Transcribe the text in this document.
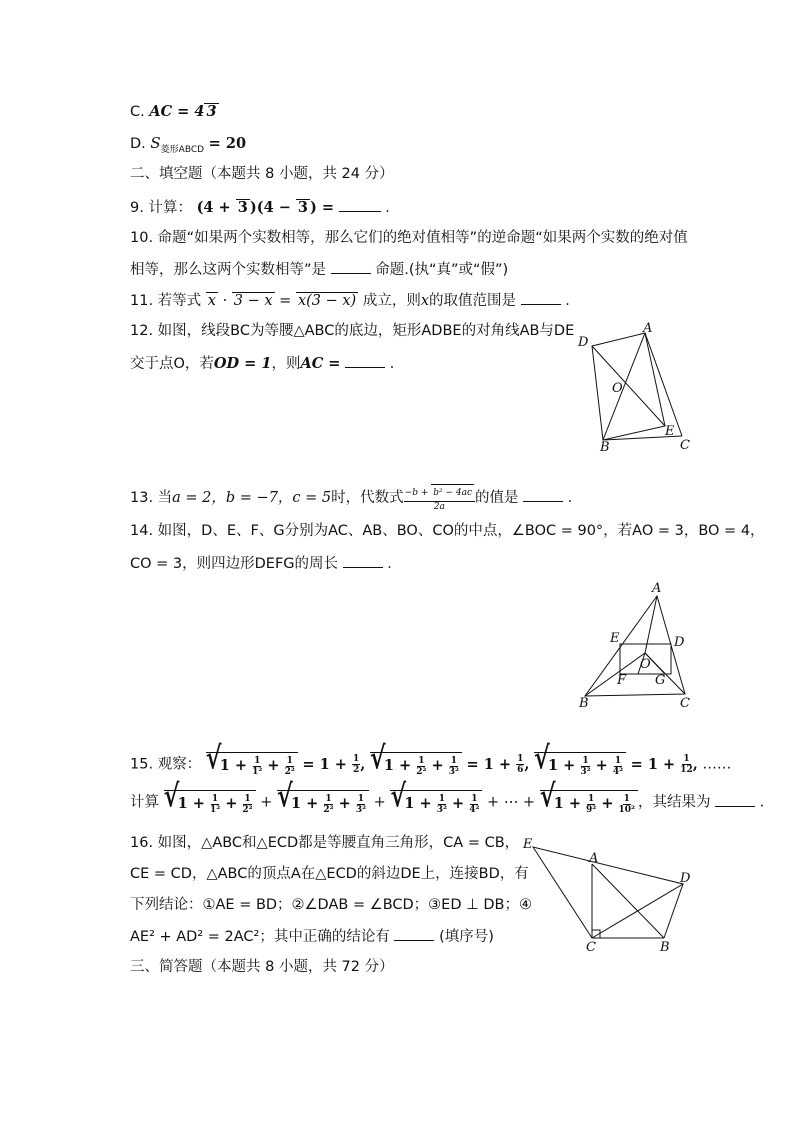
C. AC = 4 3
D. $S_{菱形ABCD} = 20$
二、填空题（本题共 8 小题，共 24 分）
9. 计算： (4 + 3 )(4 − 3 ) =	．
10. 命题“如果两个实数相等，那么它们的绝对值相等”的逆命题“如果两个实数的绝对值
相等，那么这两个实数相等”是	命题.(执“真”或“假”)
11. 若等式 x · 3 − x = x(3 − x) 成立，则x的取值范围是	．
12. 如图，线段BC为等腰△ABC的底边，矩形ADBE的对角线AB与DE
交于点O，若OD = 1，则AC =	．
D
A
O
B
E
C
13. 当a = 2，b = −7，c = 5时，代数式 $\frac{\text{−b + b² − 4ac}}{2a}$ 的值是	．
14. 如图，D、E、F、G分别为AC、AB、BO、CO的中点，∠BOC = 90°，若AO = 3，BO = 4，
CO = 3，则四边形DEFG的周长	．
A
E	D
O
F G
B	C
15. 观察： √ $1 + \frac{1}{\text{1²}} + \frac{1}{\text{2²}} = 1 + \frac{1}{2}$ , √ $1 + \frac{1}{\text{2²}} + \frac{1}{\text{3²}} = 1 + \frac{1}{6}$ , √ $1 + \frac{1}{\text{3²}} + \frac{1}{\text{4²}} = 1 + \frac{1}{12}$ , ……
计算 √ $1 + \frac{1}{\text{1²}} + \frac{1}{\text{2²}}$ + √ $1 + \frac{1}{\text{2²}} + \frac{1}{\text{3²}}$ + √ $1 + \frac{1}{\text{3²}} + \frac{1}{\text{4²}}$ + ⋯ + √ $1 + \frac{1}{\text{9²}} + \frac{1}{\text{10²}}$ ，其结果为	．
16. 如图，△ABC和△ECD都是等腰直角三角形，CA = CB，
CE = CD，△ABC的顶点A在△ECD的斜边DE上，连接BD，有
下列结论：①AE = BD；②∠DAB = ∠BCD；③ED ⊥ DB；④
AE² + AD² = 2AC²；其中正确的结论有	(填序号)
E
A
D
C	B
三、简答题（本题共 8 小题，共 72 分）
